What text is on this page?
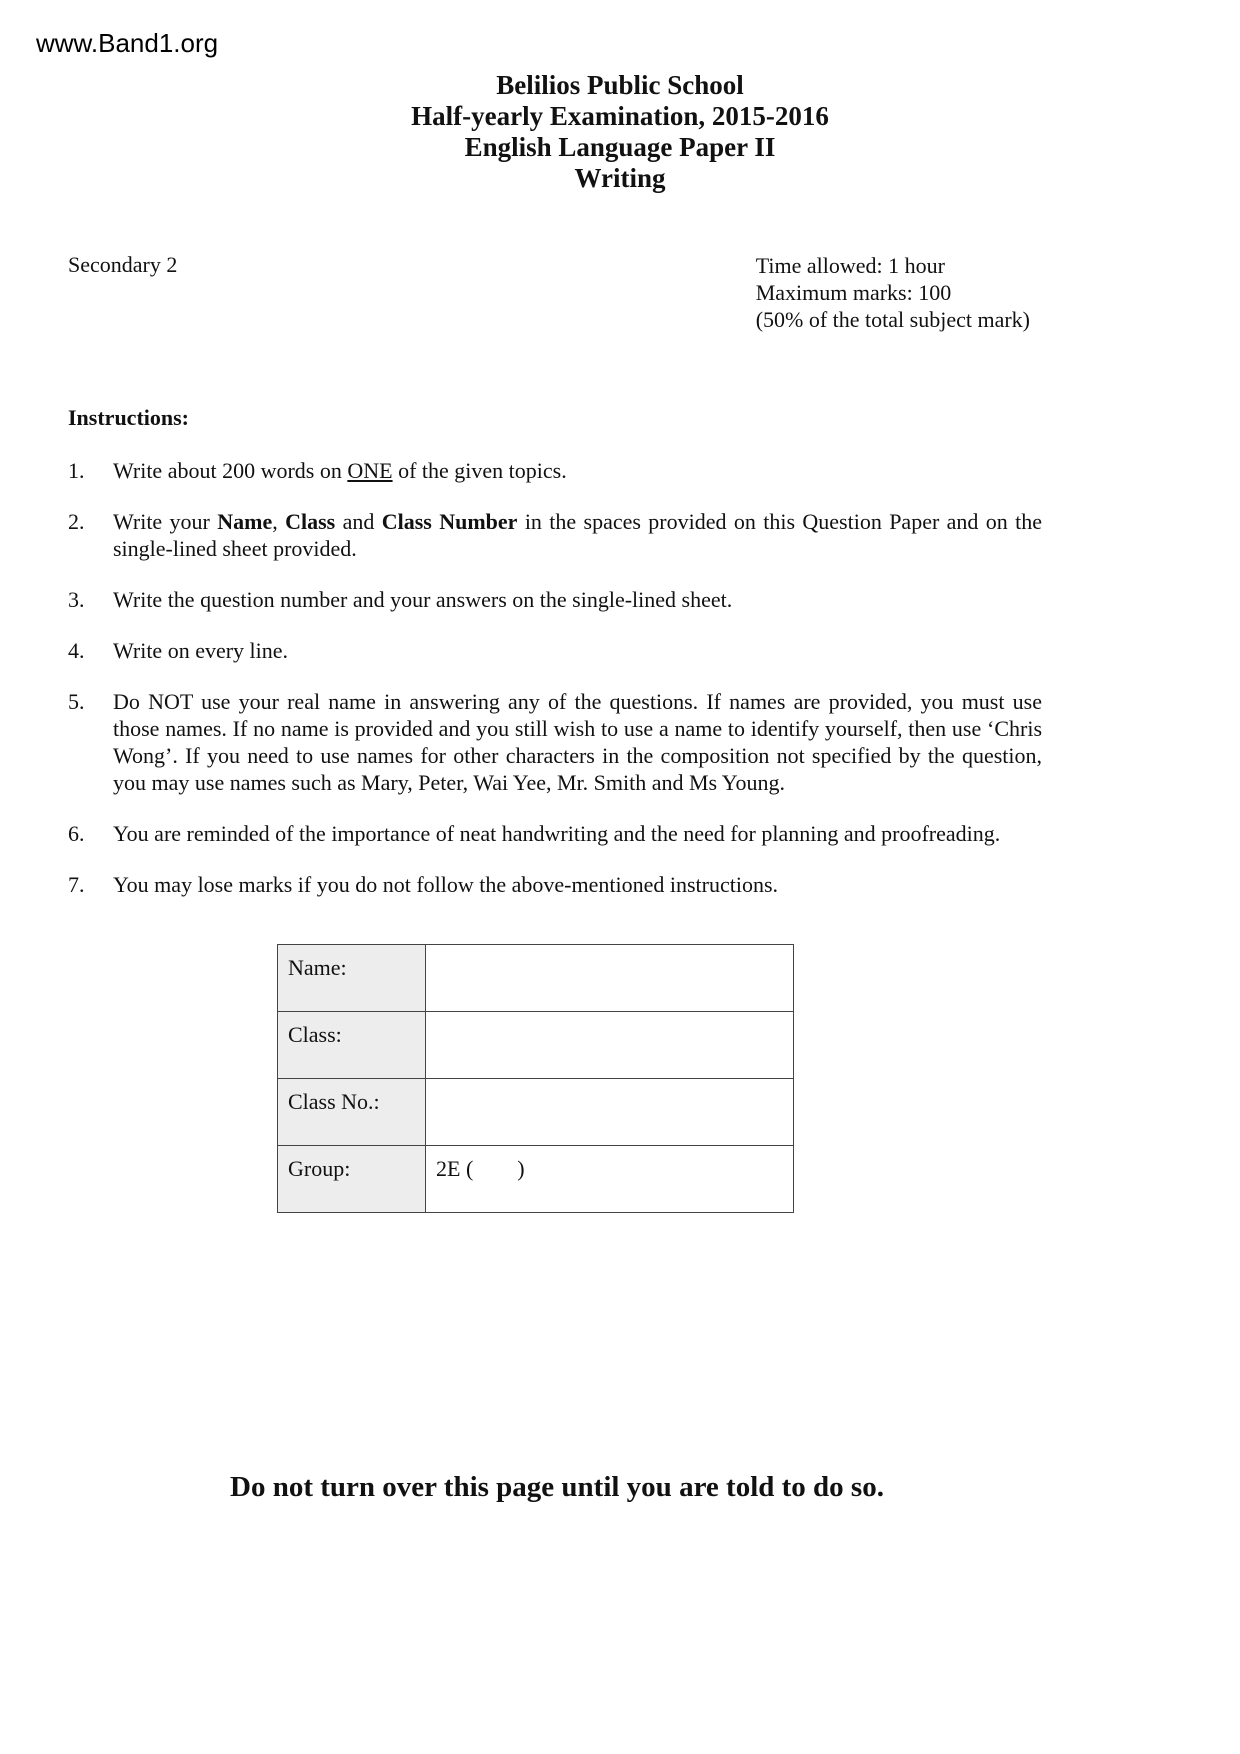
www.Band1.org
Belilios Public School
Half-yearly Examination, 2015-2016
English Language Paper II
Writing
Secondary 2	Time allowed: 1 hour
Maximum marks: 100
(50% of the total subject mark)
Instructions:
1.	Write about 200 words on ONE of the given topics.
2.	Write your Name, Class and Class Number in the spaces provided on this Question Paper and on the single-lined sheet provided.
3.	Write the question number and your answers on the single-lined sheet.
4.	Write on every line.
5.	Do NOT use your real name in answering any of the questions. If names are provided, you must use those names. If no name is provided and you still wish to use a name to identify yourself, then use ‘Chris Wong’. If you need to use names for other characters in the composition not specified by the question, you may use names such as Mary, Peter, Wai Yee, Mr. Smith and Ms Young.
6.	You are reminded of the importance of neat handwriting and the need for planning and proofreading.
7.	You may lose marks if you do not follow the above-mentioned instructions.
Name:	
Class:	
Class No.:	
Group:	2E (        )
Do not turn over this page until you are told to do so.
